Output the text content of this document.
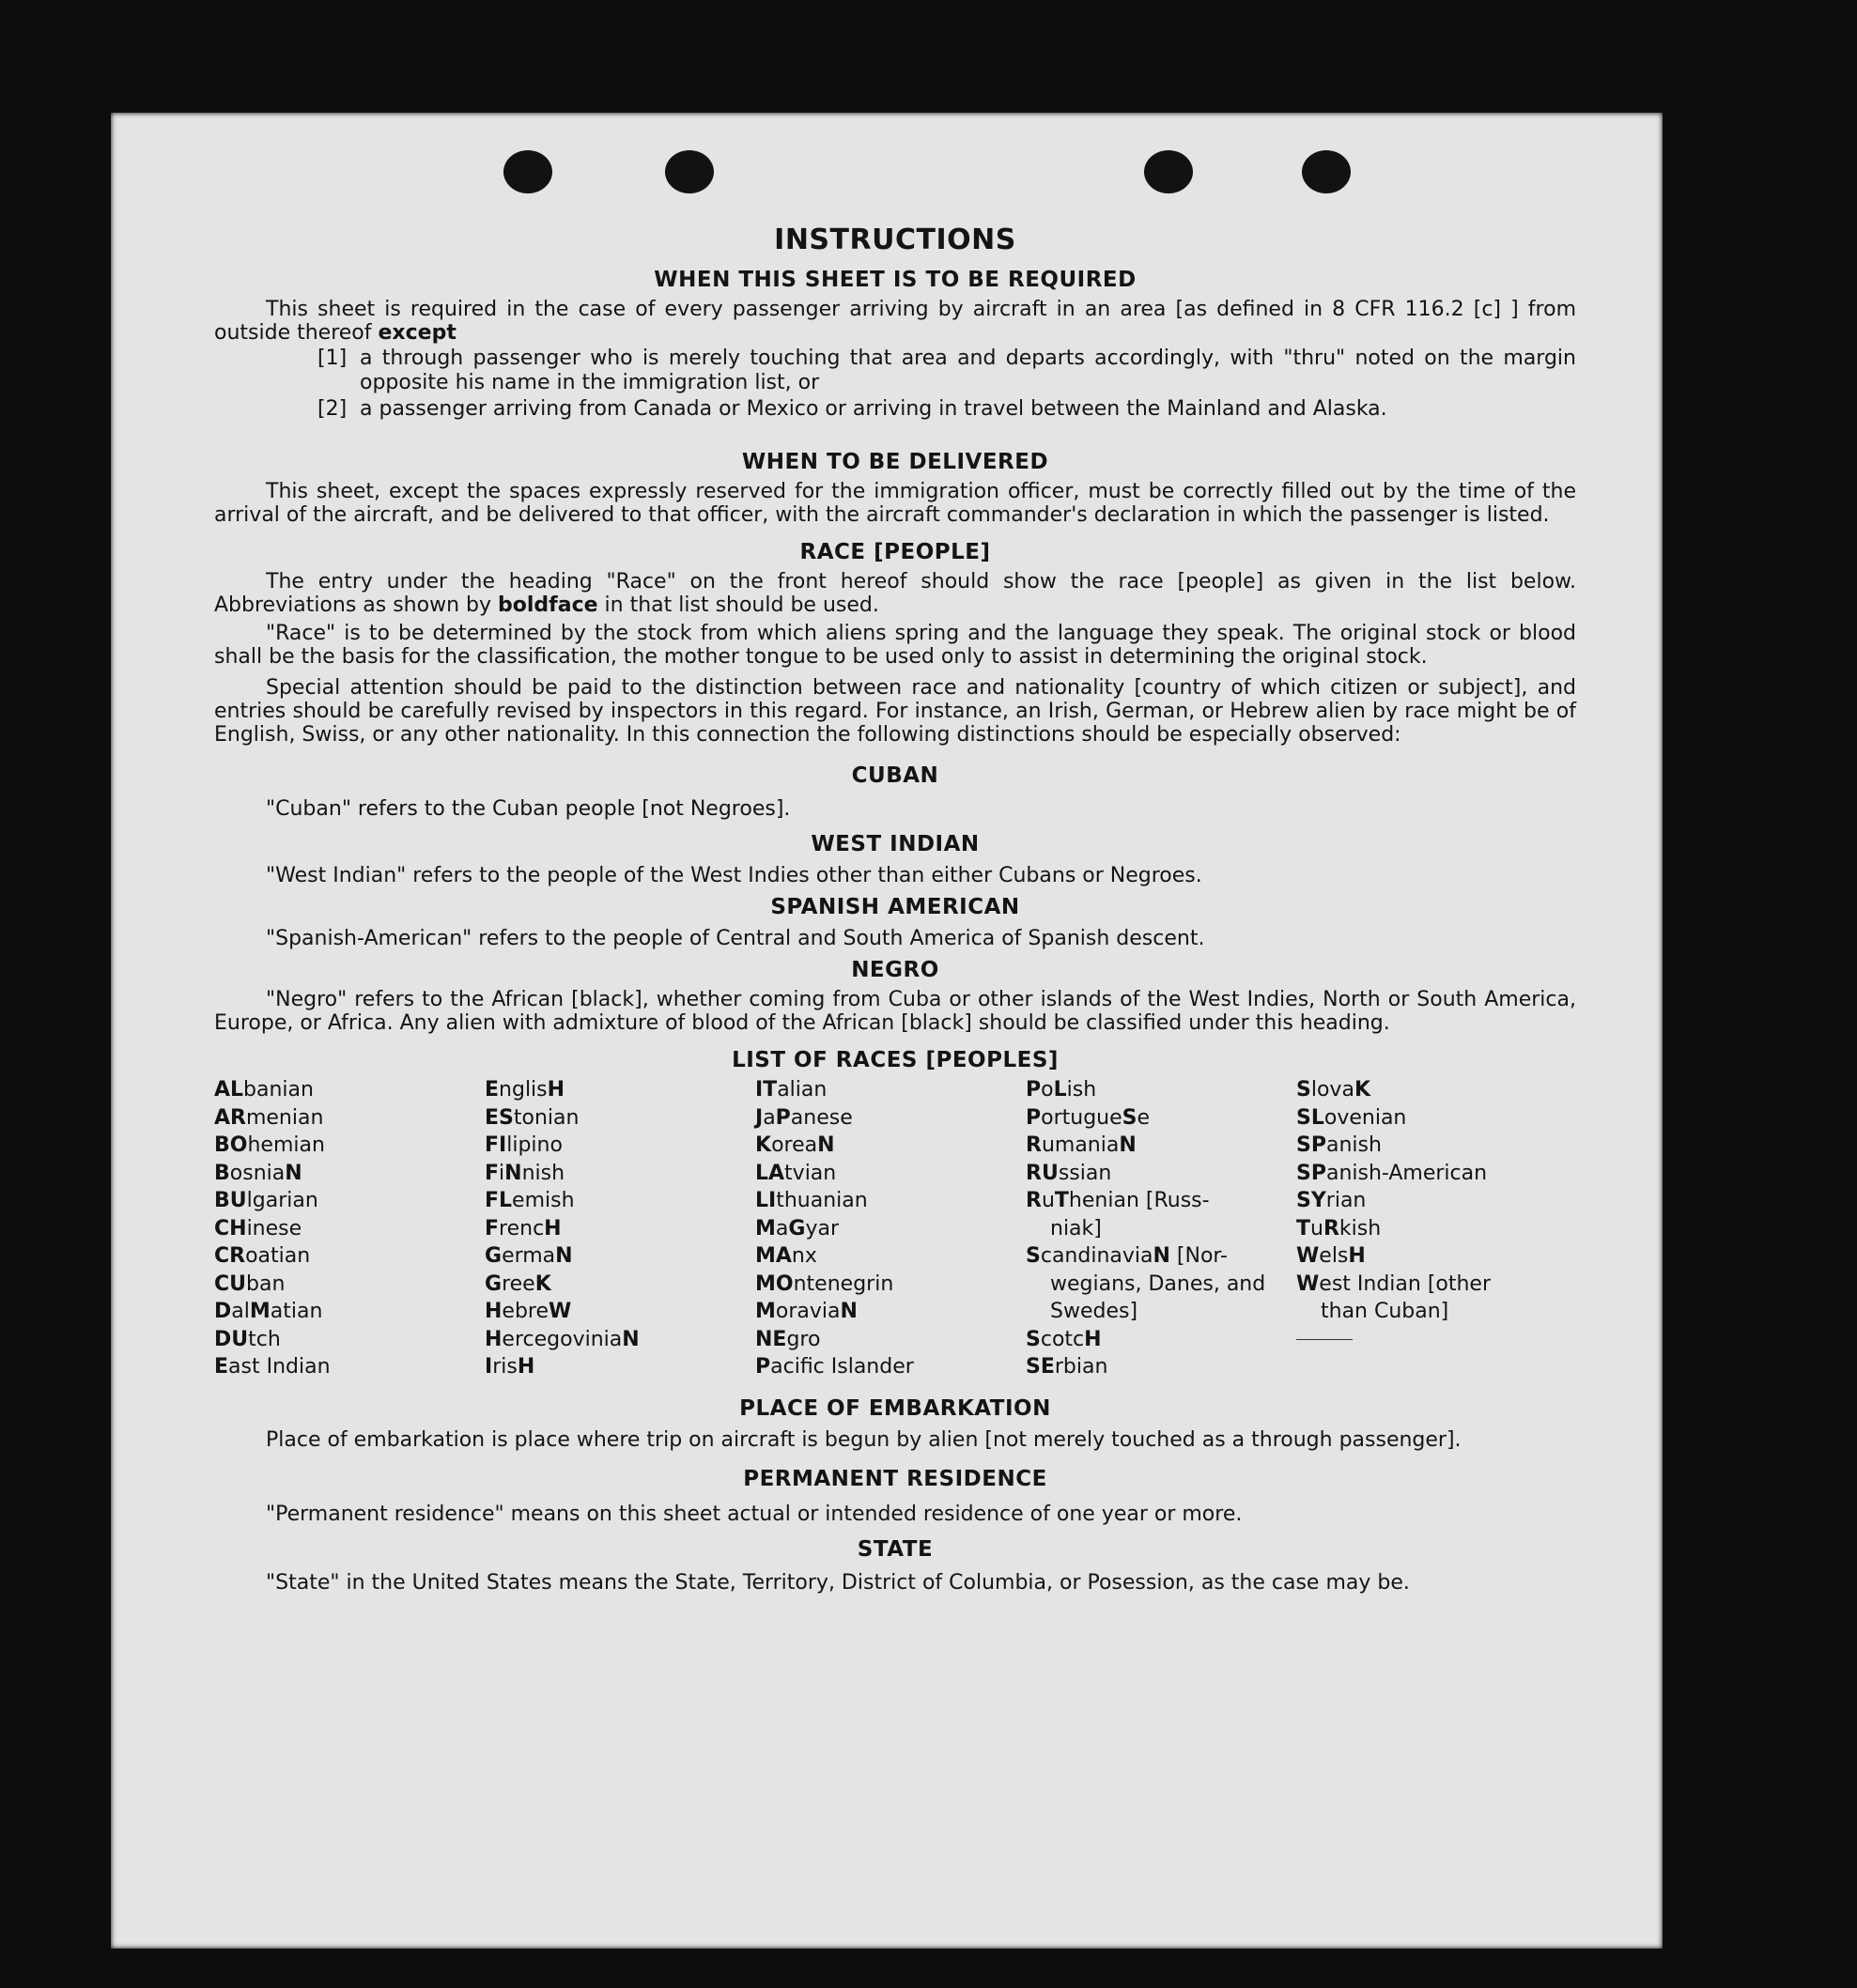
INSTRUCTIONS
WHEN THIS SHEET IS TO BE REQUIRED

This sheet is required in the case of every passenger arriving by aircraft in an area [as defined in 8 CFR 116.2 [c] ] from outside thereof except

[1] a through passenger who is merely touching that area and departs accordingly, with "thru" noted on the margin opposite his name in the immigration list, or
[2] a passenger arriving from Canada or Mexico or arriving in travel between the Mainland and Alaska.
WHEN TO BE DELIVERED

This sheet, except the spaces expressly reserved for the immigration officer, must be correctly filled out by the time of the arrival of the aircraft, and be delivered to that officer, with the aircraft commander's declaration in which the passenger is listed.

RACE [PEOPLE]

The entry under the heading "Race" on the front hereof should show the race [people] as given in the list below. Abbreviations as shown by boldface in that list should be used.

"Race" is to be determined by the stock from which aliens spring and the language they speak. The original stock or blood shall be the basis for the classification, the mother tongue to be used only to assist in determining the original stock.

Special attention should be paid to the distinction between race and nationality [country of which citizen or subject], and entries should be carefully revised by inspectors in this regard. For instance, an Irish, German, or Hebrew alien by race might be of English, Swiss, or any other nationality. In this connection the following distinctions should be especially observed:

CUBAN

"Cuban" refers to the Cuban people [not Negroes].

WEST INDIAN

"West Indian" refers to the people of the West Indies other than either Cubans or Negroes.

SPANISH AMERICAN

"Spanish-American" refers to the people of Central and South America of Spanish descent.

NEGRO

"Negro" refers to the African [black], whether coming from Cuba or other islands of the West Indies, North or South America, Europe, or Africa. Any alien with admixture of blood of the African [black] should be classified under this heading.

LIST OF RACES [PEOPLES]
ALbanian
ARmenian
BOhemian
BosniaN
BUlgarian
CHinese
CRoatian
CUban
DalMatian
DUtch
East Indian
EnglisH
EStonian
FIlipino
FiNnish
FLemish
FrencH
GermaN
GreeK
HebreW
HercegoviniaN
IrisH
ITalian
JaPanese
KoreaN
LAtvian
LIthuanian
MaGyar
MAnx
MOntenegrin
MoraviaN
NEgro
Pacific Islander
PoLish
PortugueSe
RumaniaN
RUssian
RuThenian [Russ-
niak]
ScandinaviaN [Nor-
wegians, Danes, and Swedes]
ScotcH
SErbian
SlovaK
SLovenian
SPanish
SPanish-American
SYrian
TuRkish
WelsH
West Indian [other
than Cuban]
PLACE OF EMBARKATION

Place of embarkation is place where trip on aircraft is begun by alien [not merely touched as a through passenger].

PERMANENT RESIDENCE

"Permanent residence" means on this sheet actual or intended residence of one year or more.

STATE

"State" in the United States means the State, Territory, District of Columbia, or Posession, as the case may be.
